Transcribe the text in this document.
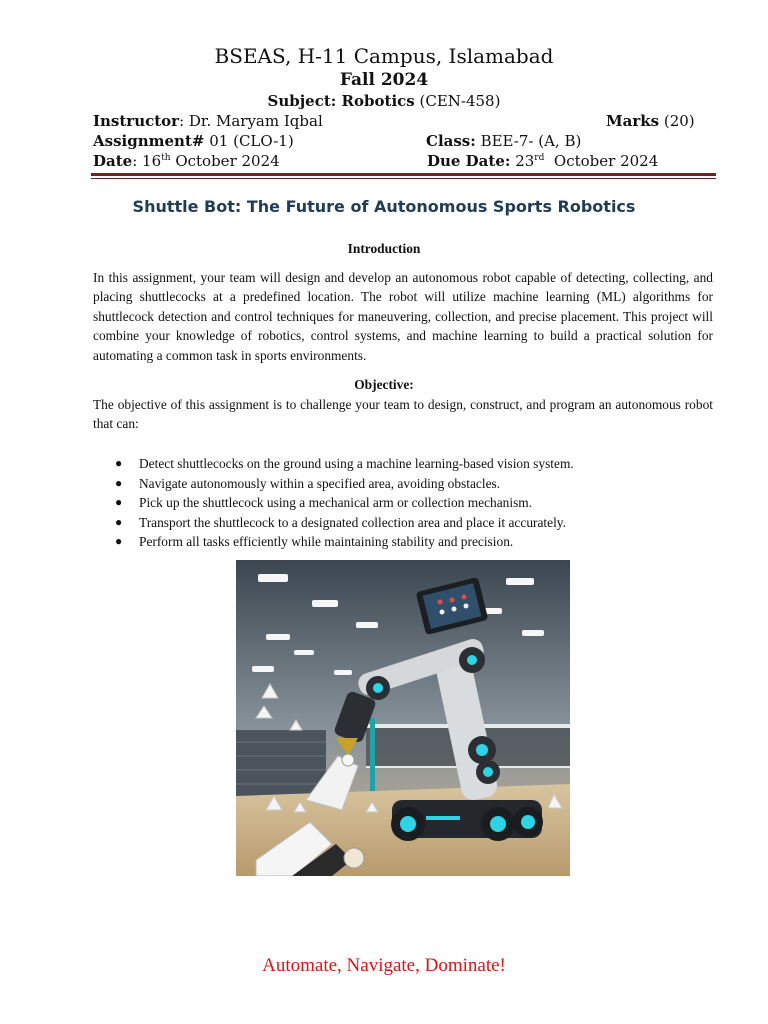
BSEAS, H-11 Campus, Islamabad
Fall 2024
Subject: Robotics (CEN-458)
Instructor: Dr. Maryam Iqbal	Marks (20)
Assignment# 01 (CLO-1)	Class: BEE-7- (A, B)
Date: 16th October 2024	Due Date: 23rd October 2024
Shuttle Bot: The Future of Autonomous Sports Robotics
Introduction
In this assignment, your team will design and develop an autonomous robot capable of detecting, collecting, and placing shuttlecocks at a predefined location. The robot will utilize machine learning (ML) algorithms for shuttlecock detection and control techniques for maneuvering, collection, and precise placement. This project will combine your knowledge of robotics, control systems, and machine learning to build a practical solution for automating a common task in sports environments.
Objective:
The objective of this assignment is to challenge your team to design, construct, and program an autonomous robot that can:
● Detect shuttlecocks on the ground using a machine learning-based vision system.
● Navigate autonomously within a specified area, avoiding obstacles.
● Pick up the shuttlecock using a mechanical arm or collection mechanism.
● Transport the shuttlecock to a designated collection area and place it accurately.
● Perform all tasks efficiently while maintaining stability and precision.
Automate, Navigate, Dominate!
